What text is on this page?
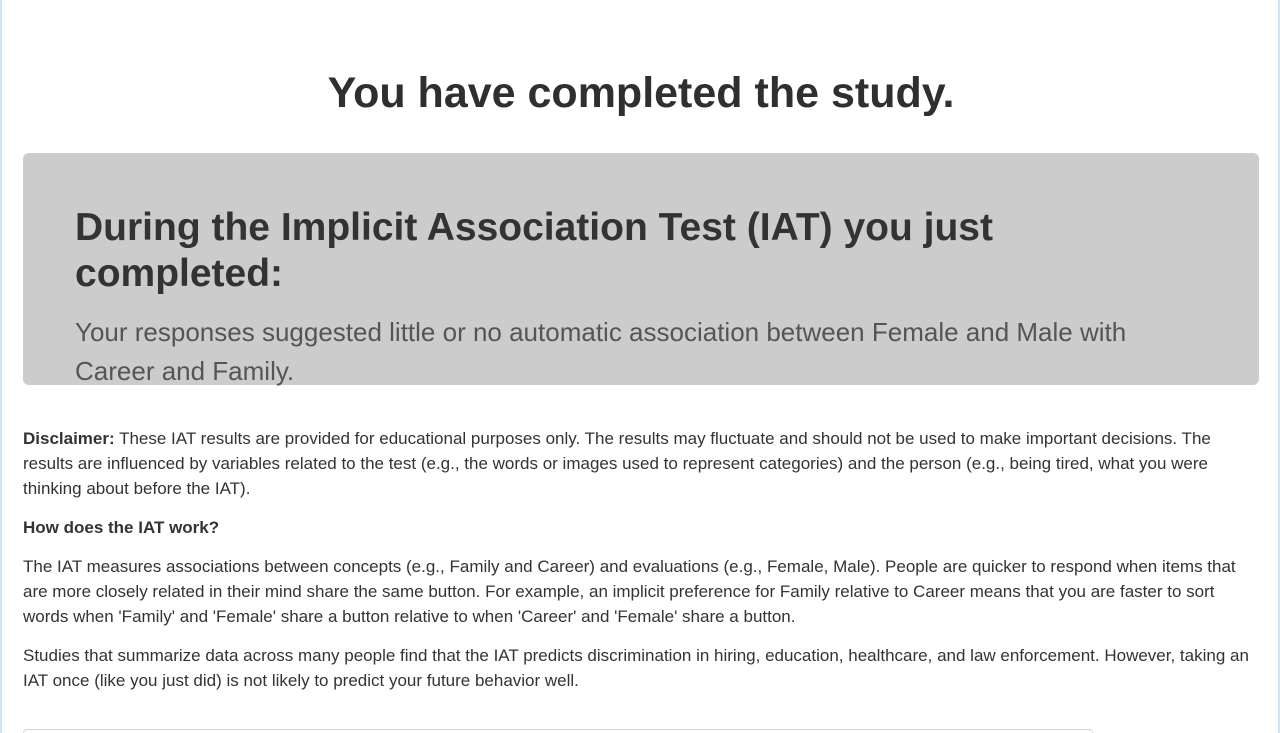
You have completed the study.
During the Implicit Association Test (IAT) you just completed:

Your responses suggested little or no automatic association between Female and Male with Career and Family.

Disclaimer: These IAT results are provided for educational purposes only. The results may fluctuate and should not be used to make important decisions. The results are influenced by variables related to the test (e.g., the words or images used to represent categories) and the person (e.g., being tired, what you were thinking about before the IAT).

How does the IAT work?

The IAT measures associations between concepts (e.g., Family and Career) and evaluations (e.g., Female, Male). People are quicker to respond when items that are more closely related in their mind share the same button. For example, an implicit preference for Family relative to Career means that you are faster to sort words when 'Family' and 'Female' share a button relative to when 'Career' and 'Female' share a button.

Studies that summarize data across many people find that the IAT predicts discrimination in hiring, education, healthcare, and law enforcement. However, taking an IAT once (like you just did) is not likely to predict your future behavior well.
